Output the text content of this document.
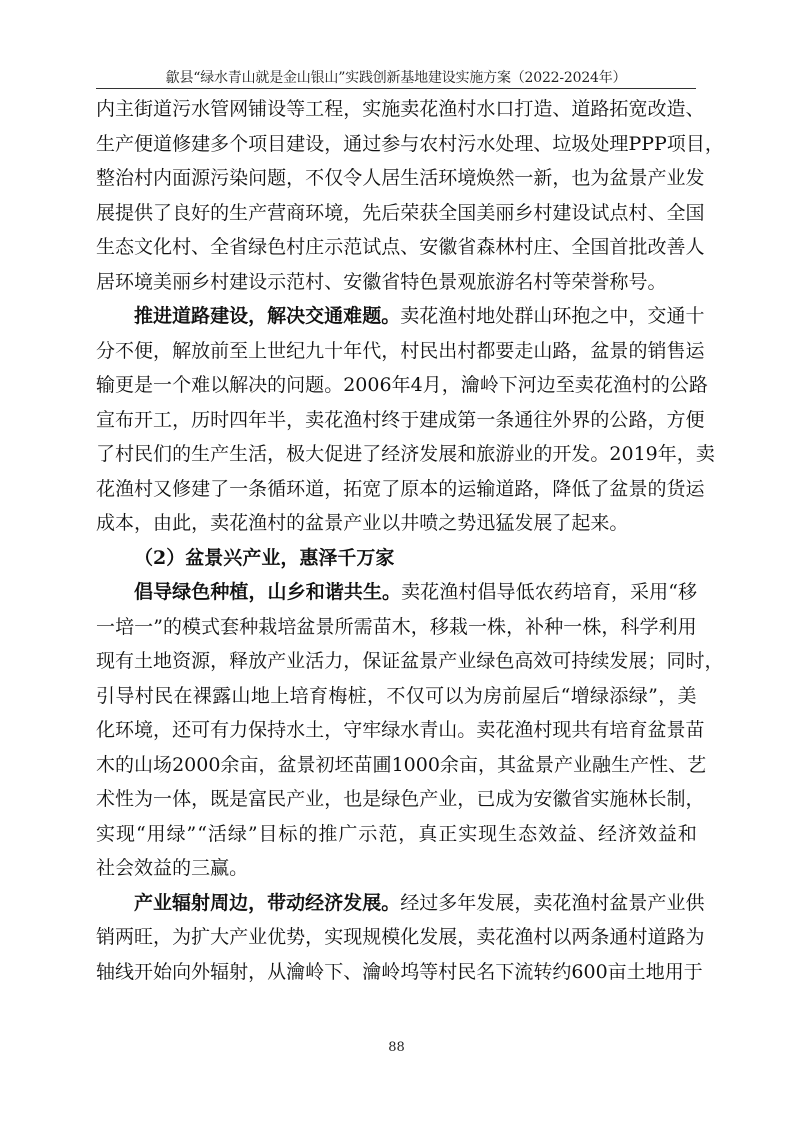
歙县“绿水青山就是金山银山”实践创新基地建设实施方案（2022-2024年）
内 主 街 道 污 水 管 网 铺 设 等 工 程 ， 实 施 卖 花 渔 村 水 口 打 造 、 道 路 拓 宽 改 造 、
生 产 便 道 修 建 多 个 项 目 建 设 ， 通 过 参 与 农 村 污 水 处 理 、 垃 圾 处 理 PPP 项 目 ，
整 治 村 内 面 源 污 染 问 题 ， 不 仅 令 人 居 生 活 环 境 焕 然 一 新 ， 也 为 盆 景 产 业 发
展 提 供 了 良 好 的 生 产 营 商 环 境 ， 先 后 荣 获 全 国 美 丽 乡 村 建 设 试 点 村 、 全 国
生 态 文 化 村 、 全 省 绿 色 村 庄 示 范 试 点 、 安 徽 省 森 林 村 庄 、 全 国 首 批 改 善 人
居 环 境 美 丽 乡 村 建 设 示 范 村 、 安 徽 省 特 色 景 观 旅 游 名 村 等 荣 誉 称 号 。
推 进 道 路 建 设 ， 解 决 交 通 难 题 。 卖 花 渔 村 地 处 群 山 环 抱 之 中 ， 交 通 十
分 不 便 ， 解 放 前 至 上 世 纪 九 十 年 代 ， 村 民 出 村 都 要 走 山 路 ， 盆 景 的 销 售 运
输 更 是 一 个 难 以 解 决 的 问 题 。 2006 年 4 月 ， 瀹 岭 下 河 边 至 卖 花 渔 村 的 公 路
宣 布 开 工 ， 历 时 四 年 半 ， 卖 花 渔 村 终 于 建 成 第 一 条 通 往 外 界 的 公 路 ， 方 便
了 村 民 们 的 生 产 生 活 ， 极 大 促 进 了 经 济 发 展 和 旅 游 业 的 开 发 。 2019 年 ， 卖
花 渔 村 又 修 建 了 一 条 循 环 道 ， 拓 宽 了 原 本 的 运 输 道 路 ， 降 低 了 盆 景 的 货 运
成 本 ， 由 此 ， 卖 花 渔 村 的 盆 景 产 业 以 井 喷 之 势 迅 猛 发 展 了 起 来 。
（ 2 ） 盆 景 兴 产 业 ， 惠 泽 千 万 家
倡 导 绿 色 种 植 ， 山 乡 和 谐 共 生 。 卖 花 渔 村 倡 导 低 农 药 培 育 ， 采 用 “ 移
一 培 一 ” 的 模 式 套 种 栽 培 盆 景 所 需 苗 木 ， 移 栽 一 株 ， 补 种 一 株 ， 科 学 利 用
现 有 土 地 资 源 ， 释 放 产 业 活 力 ， 保 证 盆 景 产 业 绿 色 高 效 可 持 续 发 展 ； 同 时 ，
引 导 村 民 在 裸 露 山 地 上 培 育 梅 桩 ， 不 仅 可 以 为 房 前 屋 后 “ 增 绿 添 绿 ” ， 美
化 环 境 ， 还 可 有 力 保 持 水 土 ， 守 牢 绿 水 青 山 。 卖 花 渔 村 现 共 有 培 育 盆 景 苗
木 的 山 场 2000 余 亩 ， 盆 景 初 坯 苗 圃 1000 余 亩 ， 其 盆 景 产 业 融 生 产 性 、 艺
术 性 为 一 体 ， 既 是 富 民 产 业 ， 也 是 绿 色 产 业 ， 已 成 为 安 徽 省 实 施 林 长 制 ，
实 现 “ 用 绿 ” “ 活 绿 ” 目 标 的 推 广 示 范 ， 真 正 实 现 生 态 效 益 、 经 济 效 益 和
社 会 效 益 的 三 赢 。
产 业 辐 射 周 边 ， 带 动 经 济 发 展 。 经 过 多 年 发 展 ， 卖 花 渔 村 盆 景 产 业 供
销 两 旺 ， 为 扩 大 产 业 优 势 ， 实 现 规 模 化 发 展 ， 卖 花 渔 村 以 两 条 通 村 道 路 为
轴 线 开 始 向 外 辐 射 ， 从 瀹 岭 下 、 瀹 岭 坞 等 村 民 名 下 流 转 约 600 亩 土 地 用 于
88
